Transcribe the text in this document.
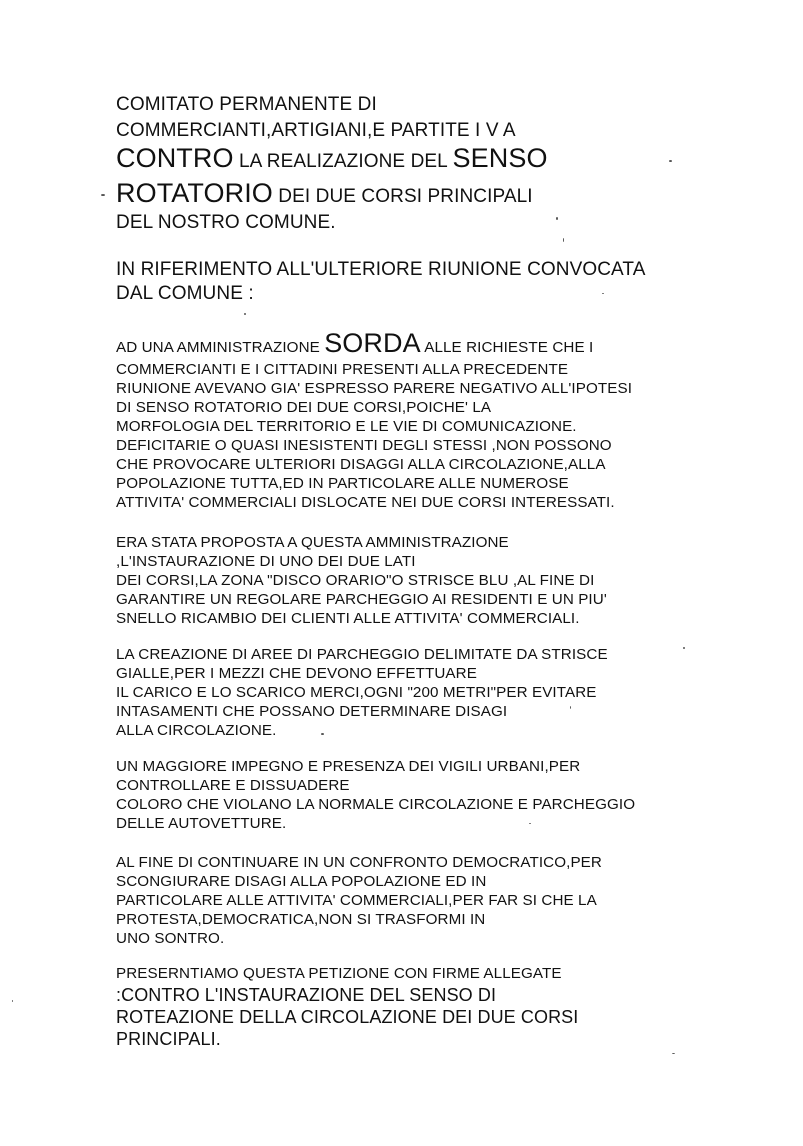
COMITATO PERMANENTE DI
COMMERCIANTI,ARTIGIANI,E PARTITE I V A
CONTRO LA REALIZAZIONE DEL SENSO
ROTATORIO DEI DUE CORSI PRINCIPALI
DEL NOSTRO COMUNE.
IN RIFERIMENTO ALL'ULTERIORE RIUNIONE CONVOCATA
DAL COMUNE :
AD UNA AMMINISTRAZIONE SORDA ALLE RICHIESTE CHE I
COMMERCIANTI E I CITTADINI PRESENTI ALLA PRECEDENTE
RIUNIONE AVEVANO GIA' ESPRESSO PARERE NEGATIVO ALL'IPOTESI
DI SENSO ROTATORIO DEI DUE CORSI,POICHE' LA
MORFOLOGIA DEL TERRITORIO E LE VIE DI COMUNICAZIONE.
DEFICITARIE O QUASI INESISTENTI DEGLI STESSI ,NON POSSONO
CHE PROVOCARE ULTERIORI DISAGGI ALLA CIRCOLAZIONE,ALLA
POPOLAZIONE TUTTA,ED IN PARTICOLARE ALLE NUMEROSE
ATTIVITA' COMMERCIALI DISLOCATE NEI DUE CORSI INTERESSATI.
ERA STATA PROPOSTA A QUESTA AMMINISTRAZIONE
,L'INSTAURAZIONE DI UNO DEI DUE LATI
DEI CORSI,LA ZONA "DISCO ORARIO"O STRISCE BLU ,AL FINE DI
GARANTIRE UN REGOLARE PARCHEGGIO AI RESIDENTI E UN PIU'
SNELLO RICAMBIO DEI CLIENTI ALLE ATTIVITA' COMMERCIALI.
LA CREAZIONE DI AREE DI PARCHEGGIO DELIMITATE DA STRISCE
GIALLE,PER I MEZZI CHE DEVONO EFFETTUARE
IL CARICO E LO SCARICO MERCI,OGNI "200 METRI"PER EVITARE
INTASAMENTI CHE POSSANO DETERMINARE DISAGI
ALLA CIRCOLAZIONE.
UN MAGGIORE IMPEGNO E PRESENZA DEI VIGILI URBANI,PER
CONTROLLARE E DISSUADERE
COLORO CHE VIOLANO LA NORMALE CIRCOLAZIONE E PARCHEGGIO
DELLE AUTOVETTURE.
AL FINE DI CONTINUARE IN UN CONFRONTO DEMOCRATICO,PER
SCONGIURARE DISAGI ALLA POPOLAZIONE ED IN
PARTICOLARE ALLE ATTIVITA' COMMERCIALI,PER FAR SI CHE LA
PROTESTA,DEMOCRATICA,NON SI TRASFORMI IN
UNO SONTRO.
PRESERNTIAMO QUESTA PETIZIONE CON FIRME ALLEGATE
:CONTRO L'INSTAURAZIONE DEL SENSO DI
ROTEAZIONE DELLA CIRCOLAZIONE DEI DUE CORSI
PRINCIPALI.
